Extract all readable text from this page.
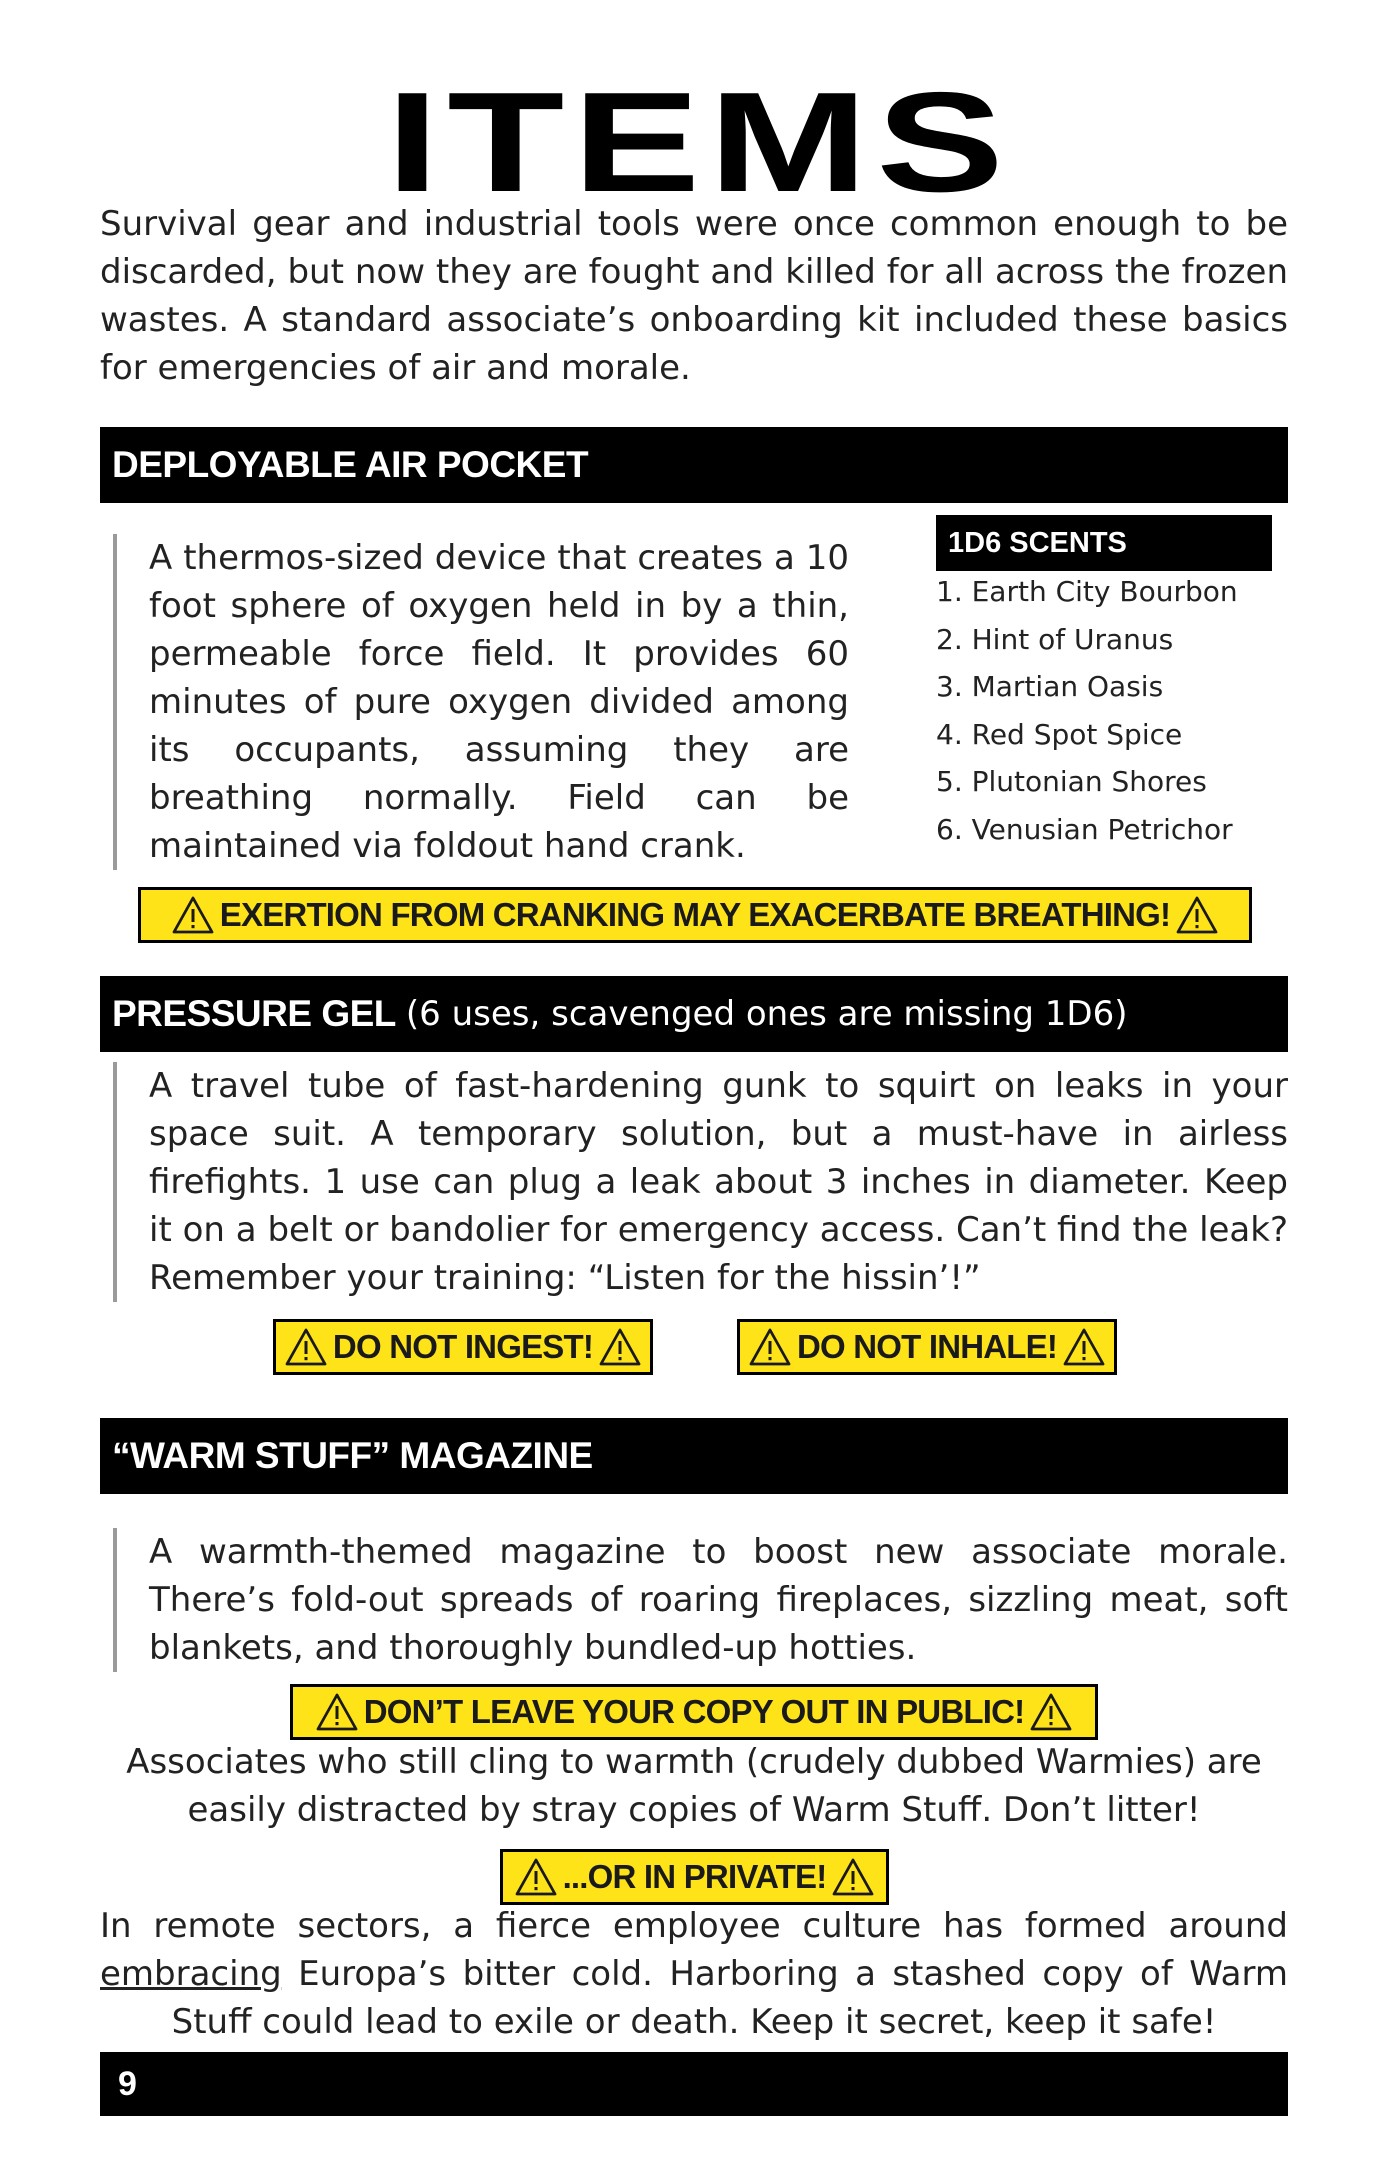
ITEMS

Survival gear and industrial tools were once common enough to be discarded, but now they are fought and killed for all across the frozen wastes. A standard associate’s onboarding kit included these basics for emergencies of air and morale.

DEPLOYABLE AIR POCKET

A thermos-sized device that creates a 10 foot sphere of oxygen held in by a thin, permeable force field. It provides 60 minutes of pure oxygen divided among its occupants, assuming they are breathing normally. Field can be maintained via foldout hand crank.

1D6 SCENTS
1. Earth City Bourbon
2. Hint of Uranus
3. Martian Oasis
4. Red Spot Spice
5. Plutonian Shores
6. Venusian Petrichor
EXERTION FROM CRANKING MAY EXACERBATE BREATHING!
PRESSURE GEL (6 uses, scavenged ones are missing 1D6)

A travel tube of fast-hardening gunk to squirt on leaks in your space suit. A temporary solution, but a must-have in airless firefights. 1 use can plug a leak about 3 inches in diameter. Keep it on a belt or bandolier for emergency access. Can’t find the leak? Remember your training: “Listen for the hissin’!”

DO NOT INGEST!	DO NOT INHALE!
“WARM STUFF” MAGAZINE

A warmth-themed magazine to boost new associate morale. There’s fold-out spreads of roaring fireplaces, sizzling meat, soft blankets, and thoroughly bundled-up hotties.

DON’T LEAVE YOUR COPY OUT IN PUBLIC!

Associates who still cling to warmth (crudely dubbed Warmies) are easily distracted by stray copies of Warm Stuff. Don’t litter!

...OR IN PRIVATE!

In remote sectors, a fierce employee culture has formed around embracing Europa’s bitter cold. Harboring a stashed copy of Warm Stuff could lead to exile or death. Keep it secret, keep it safe!

9
